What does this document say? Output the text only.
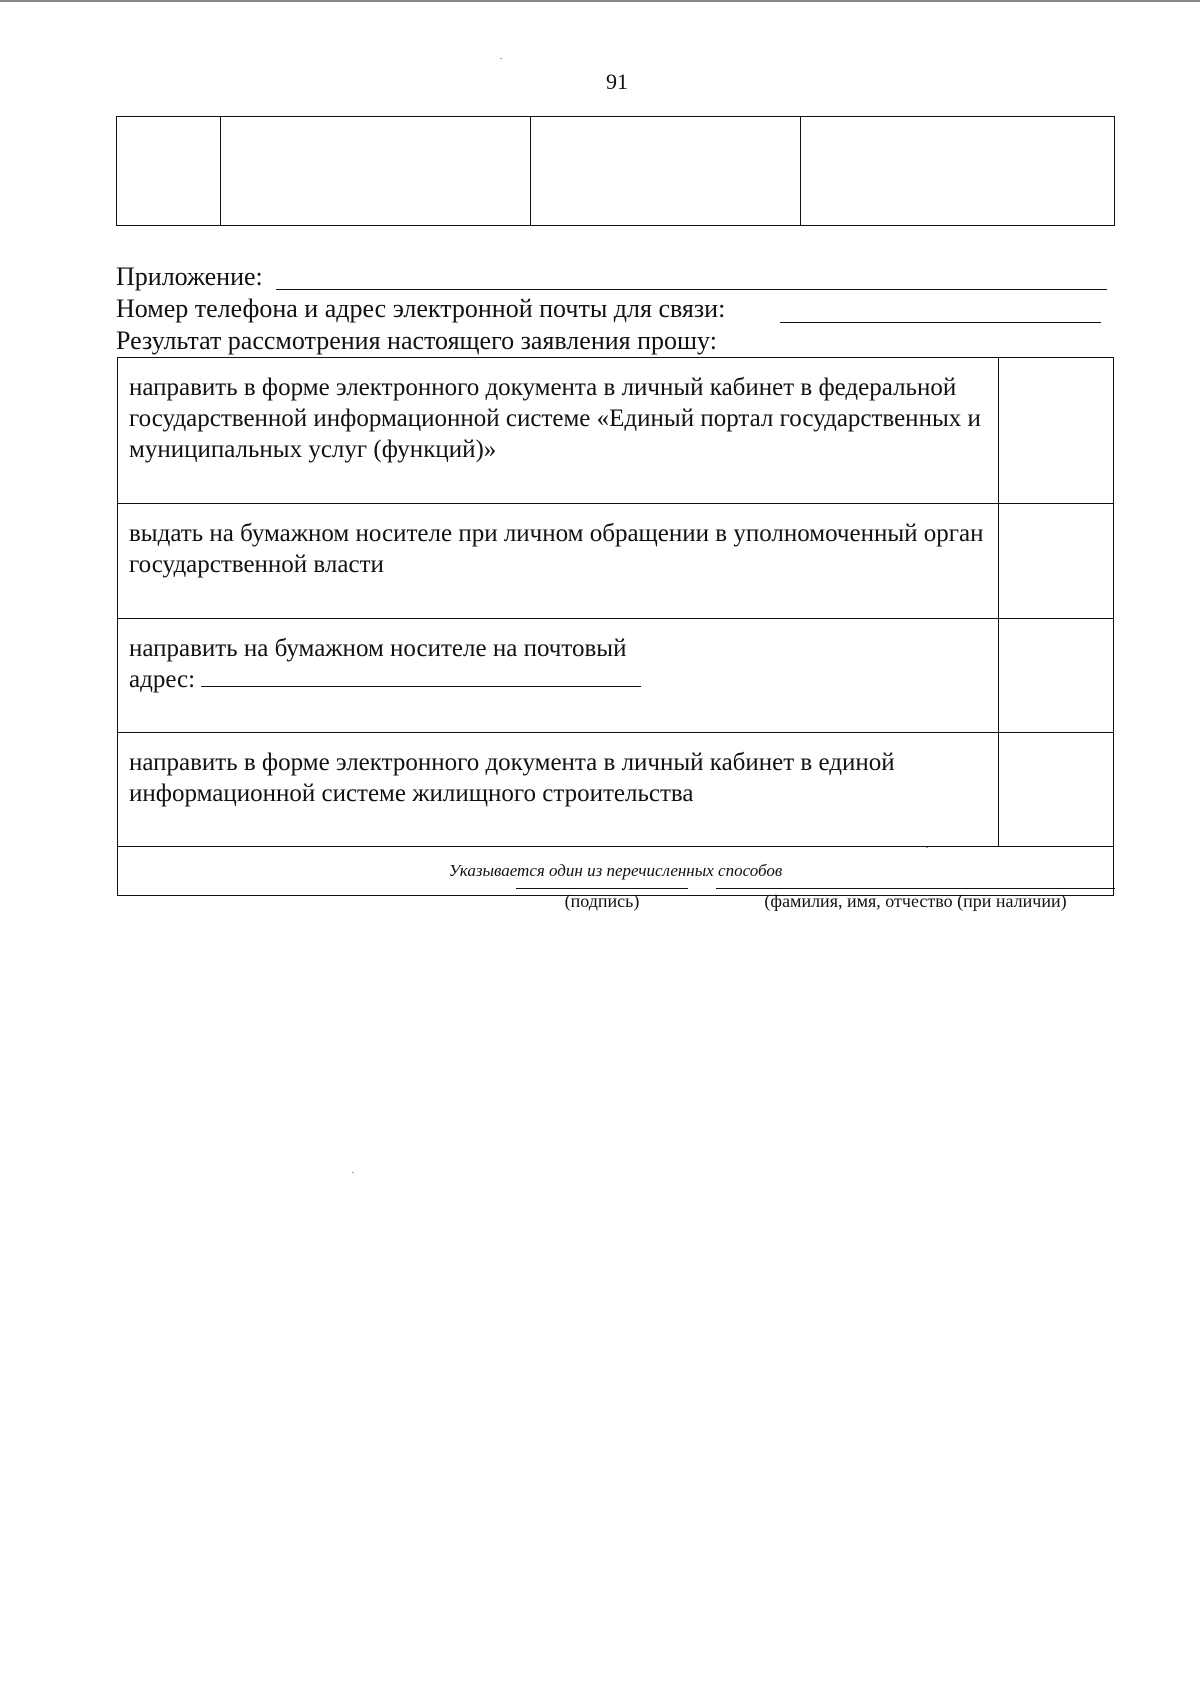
91

Приложение:
Номер телефона и адрес электронной почты для связи:
Результат рассмотрения настоящего заявления прошу:
направить в форме электронного документа в личный кабинет в федеральной государственной информационной системе «Единый портал государственных и муниципальных услуг (функций)»	
выдать на бумажном носителе при личном обращении в уполномоченный орган государственной власти	

направить на бумажном носителе на почтовый
адрес:	

направить в форме электронного документа в личный кабинет в единой информационной системе жилищного строительства	
Указывается один из перечисленных способов	
(подпись)	(фамилия, имя, отчество (при наличии)
